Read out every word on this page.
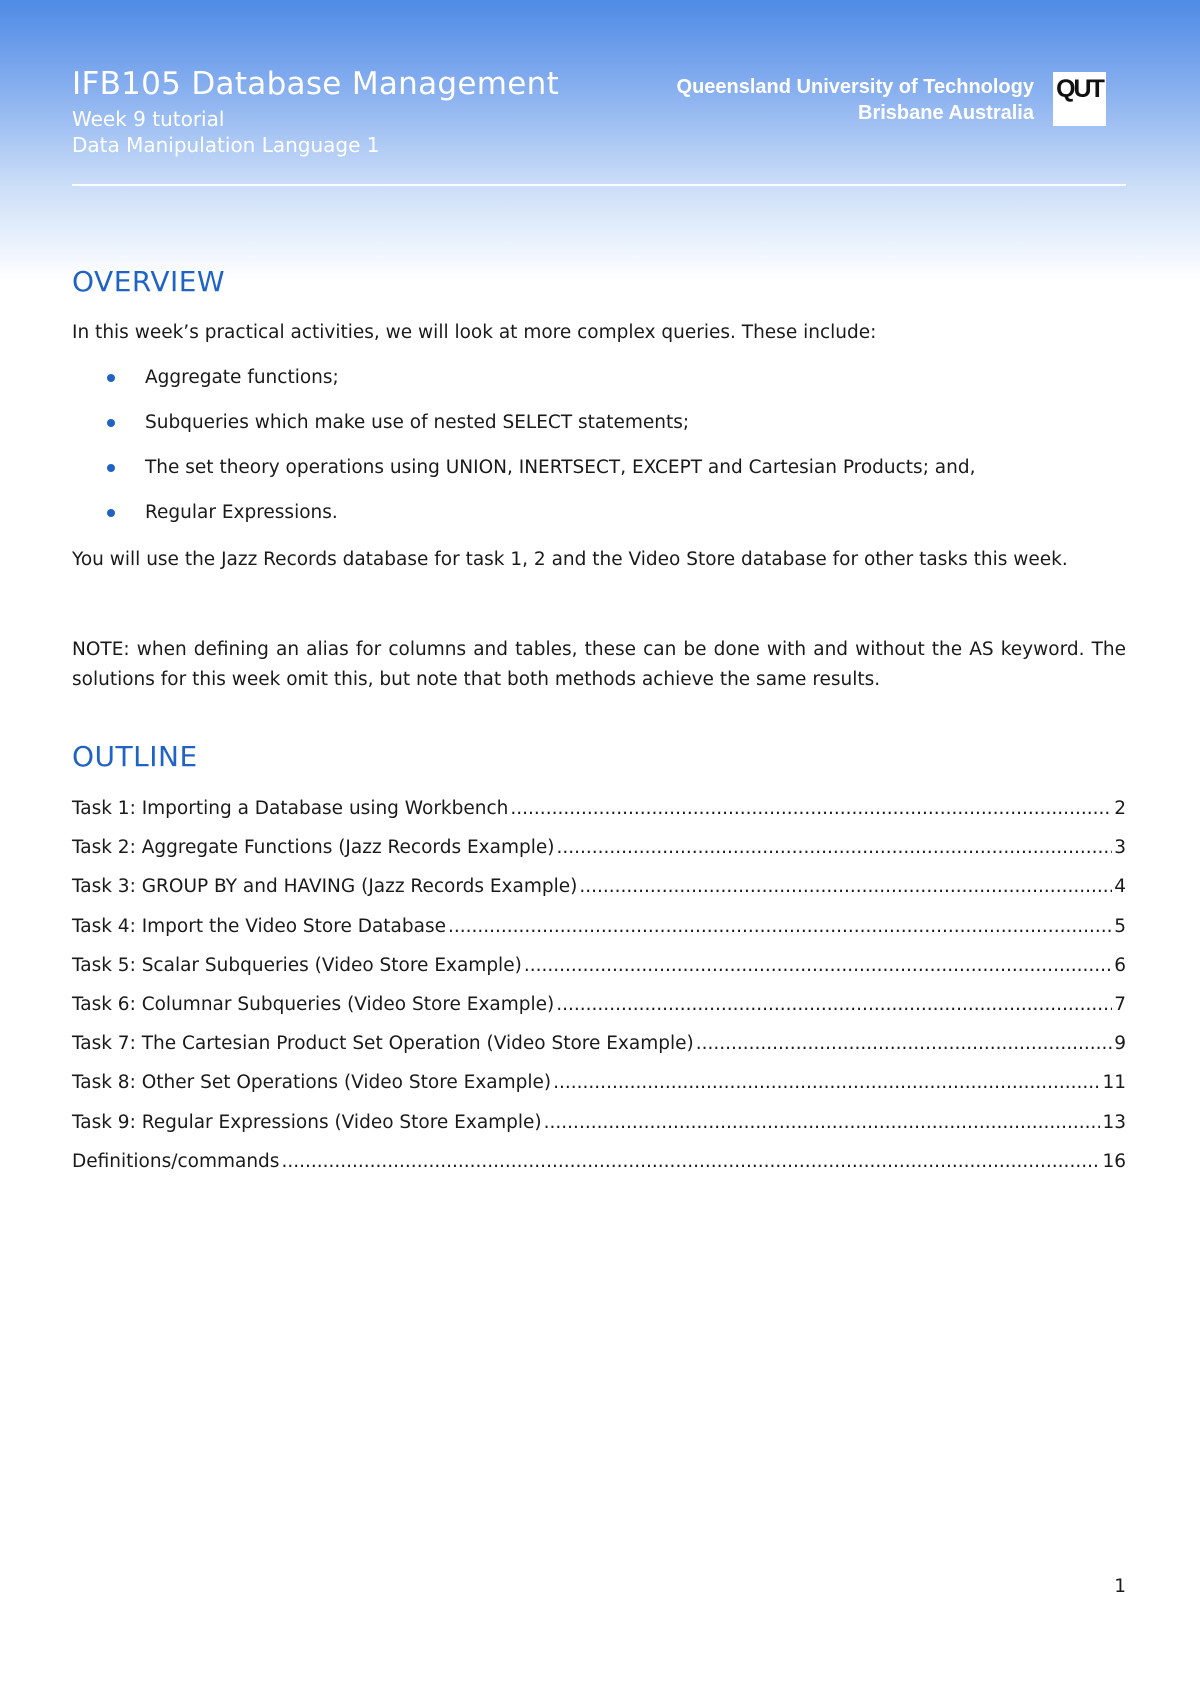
IFB105 Database Management
Week 9 tutorial
Data Manipulation Language 1
Queensland University of Technology
Brisbane Australia
QUT
OVERVIEW
In this week’s practical activities, we will look at more complex queries. These include:
Aggregate functions;
Subqueries which make use of nested SELECT statements;
The set theory operations using UNION, INERTSECT, EXCEPT and Cartesian Products; and,
Regular Expressions.
You will use the Jazz Records database for task 1, 2 and the Video Store database for other tasks this week.
NOTE: when defining an alias for columns and tables, these can be done with and without the AS keyword. The solutions for this week omit this, but note that both methods achieve the same results.
OUTLINE
Task 1: Importing a Database using Workbench .....	2
Task 2: Aggregate Functions (Jazz Records Example) .....	3
Task 3: GROUP BY and HAVING (Jazz Records Example) .....	4
Task 4: Import the Video Store Database .....	5
Task 5: Scalar Subqueries (Video Store Example) .....	6
Task 6: Columnar Subqueries (Video Store Example) .....	7
Task 7: The Cartesian Product Set Operation (Video Store Example) .....	9
Task 8: Other Set Operations (Video Store Example) .....	11
Task 9: Regular Expressions (Video Store Example) .....	13
Definitions/commands .....	16
1
